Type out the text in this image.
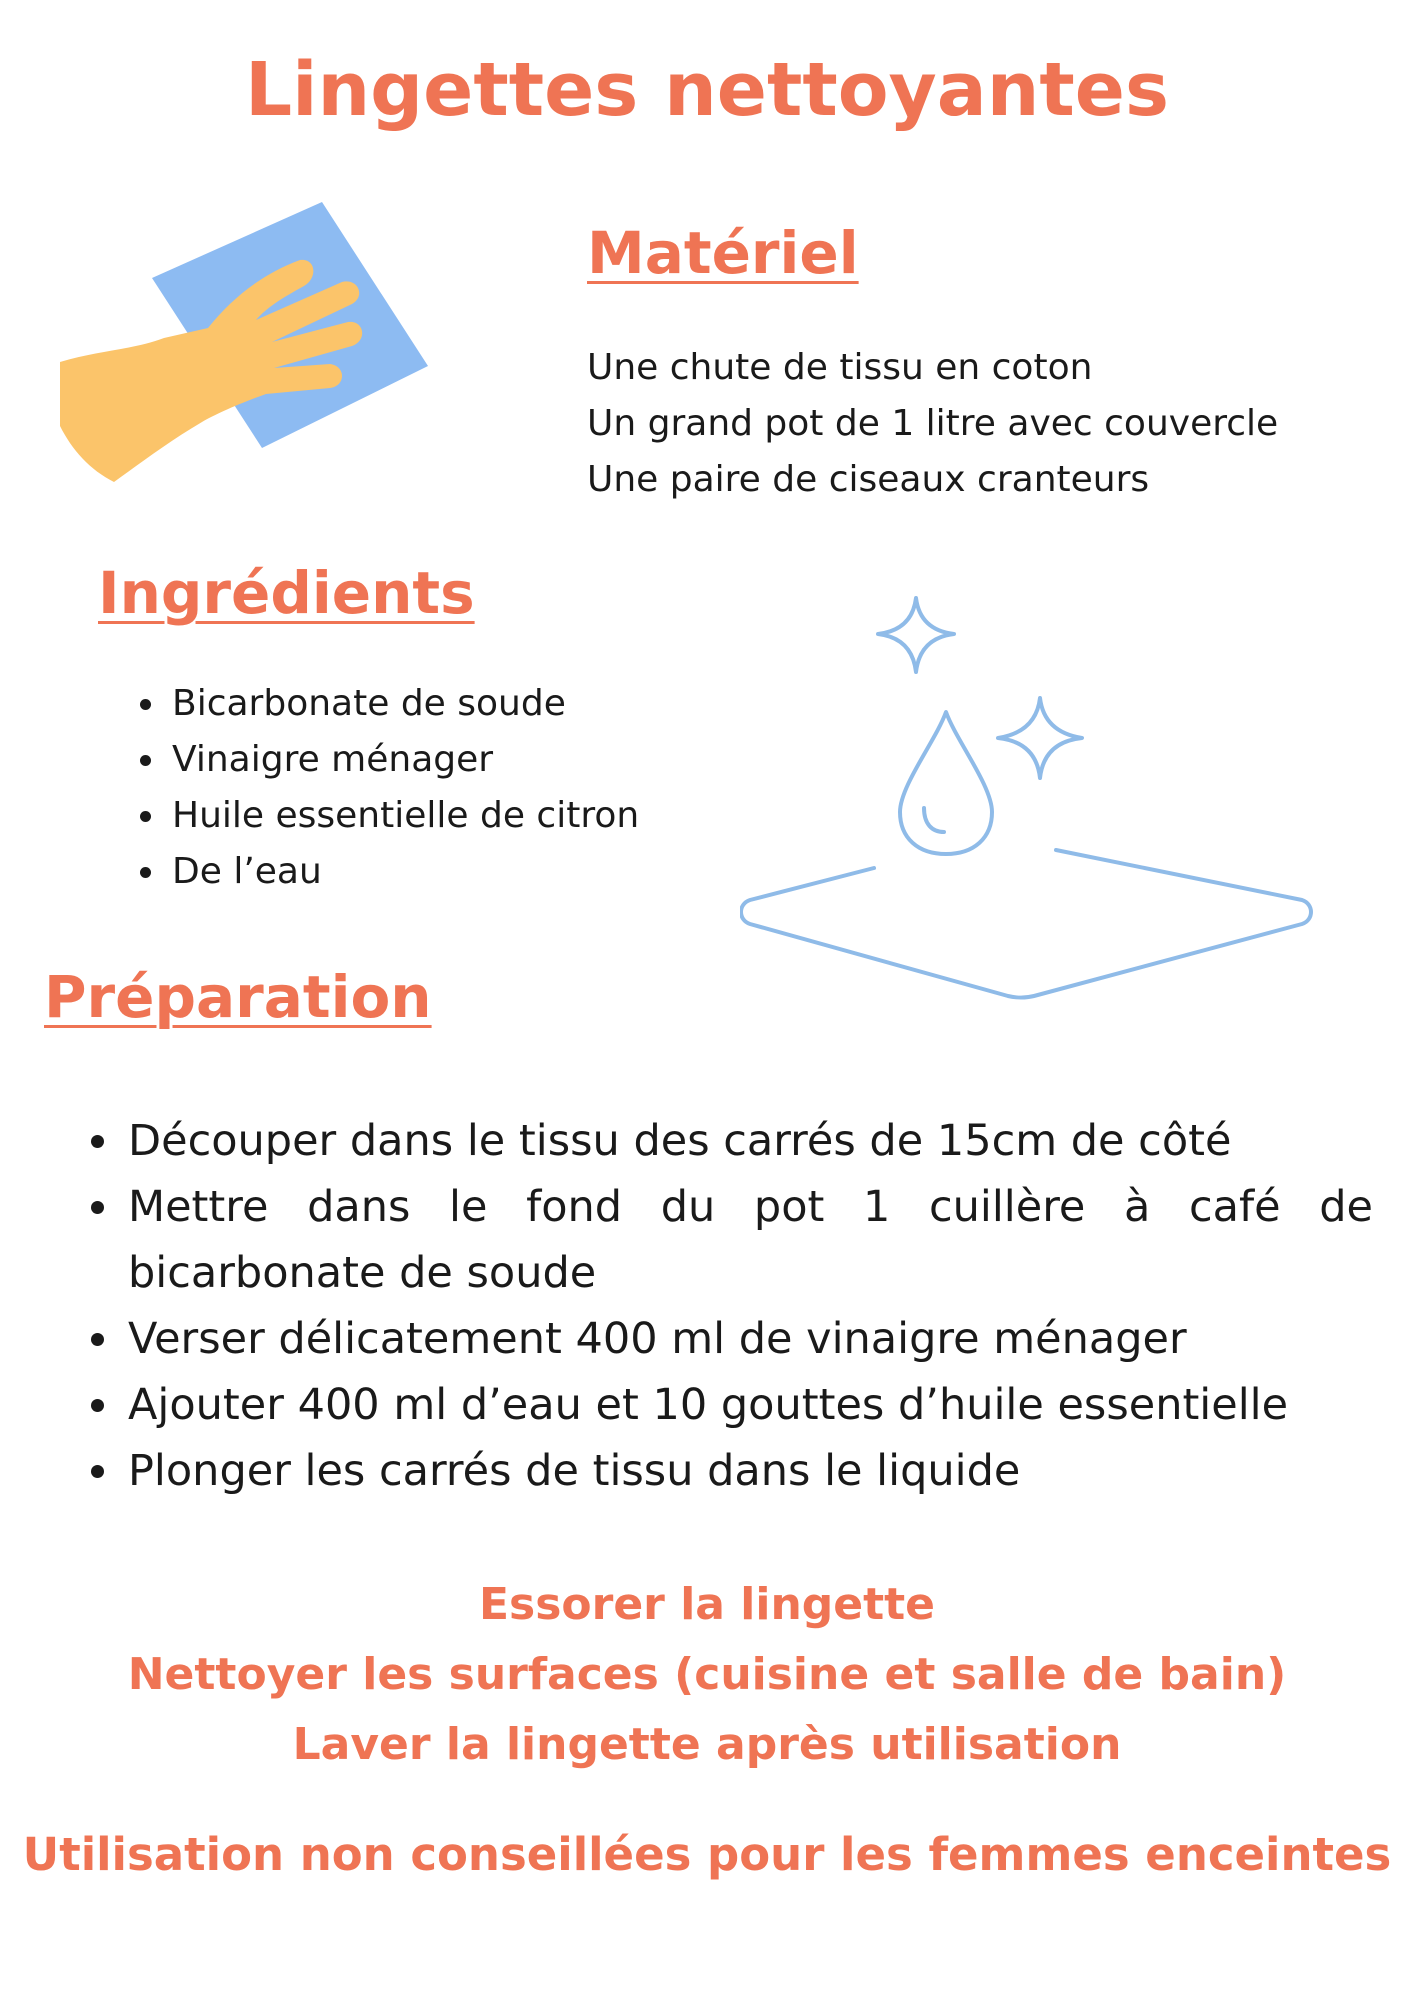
Lingettes nettoyantes
Matériel
Une chute de tissu en coton
Un grand pot de 1 litre avec couvercle
Une paire de ciseaux cranteurs
Ingrédients
• Bicarbonate de soude
• Vinaigre ménager
• Huile essentielle de citron
• De l’eau
Préparation
• Découper dans le tissu des carrés de 15cm de côté
• Mettre dans le fond du pot 1 cuillère à café de bicarbonate de soude
• Verser délicatement 400 ml de vinaigre ménager
• Ajouter 400 ml d’eau et 10 gouttes d’huile essentielle
• Plonger les carrés de tissu dans le liquide
Essorer la lingette
Nettoyer les surfaces (cuisine et salle de bain)
Laver la lingette après utilisation
Utilisation non conseillées pour les femmes enceintes
